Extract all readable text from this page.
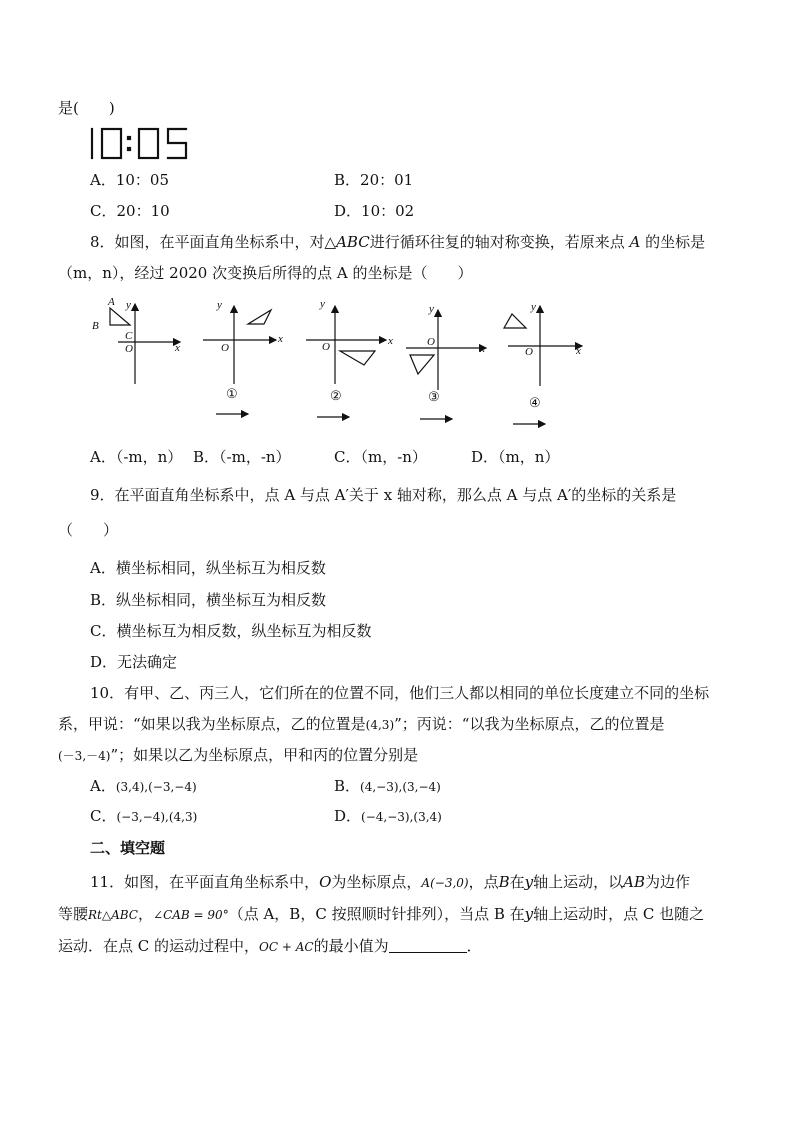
是(　　)
A．10：05	B．20：01
C．20：10	D．10：02
8．如图，在平面直角坐标系中，对△ABC进行循环往复的轴对称变换，若原来点 A 的坐标是
（m，n），经过 2020 次变换后所得的点 A 的坐标是（　　）
A y
B
C
O	x
y
O
x
y
O	x
y
O
x
y
O	x
①	②	③	④
A．（-m，n） B．（-m，-n）	C．（m，-n）	D．（m，n）
9．在平面直角坐标系中，点 A 与点 A′关于 x 轴对称，那么点 A 与点 A′的坐标的关系是
（　　）
A．横坐标相同，纵坐标互为相反数
B．纵坐标相同，横坐标互为相反数
C．横坐标互为相反数，纵坐标互为相反数
D．无法确定
10．有甲、乙、丙三人，它们所在的位置不同，他们三人都以相同的单位长度建立不同的坐标
系，甲说：“如果以我为坐标原点，乙的位置是(4,3)”；丙说：“以我为坐标原点，乙的位置是
(－3,－4)”；如果以乙为坐标原点，甲和丙的位置分别是
A．(3,4),(−3,−4)	B．(4,−3),(3,−4)
C．(−3,−4),(4,3)	D．(−4,−3),(3,4)
二、填空题
11．如图，在平面直角坐标系中，O为坐标原点，A(−3,0)，点B在y轴上运动，以AB为边作
等腰Rt△ABC，∠CAB = 90°（点 A，B，C 按照顺时针排列），当点 B 在y轴上运动时，点 C 也随之
运动．在点 C 的运动过程中，OC + AC的最小值为	．
